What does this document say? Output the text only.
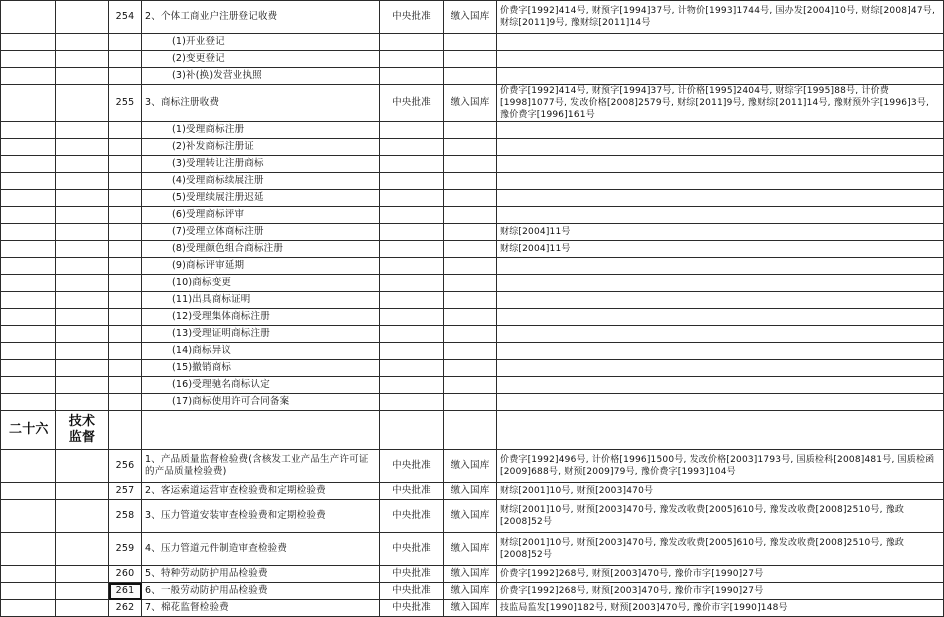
		254	2、个体工商业户注册登记收费	中央批准	缴入国库	价费字[1992]414号, 财预字[1994]37号, 计物价[1993]1744号, 国办发[2004]10号, 财综[2008]47号, 财综[2011]9号, 豫财综[2011]14号
			(1)开业登记			
			(2)变更登记			
			(3)补(换)发营业执照			
		255	3、商标注册收费	中央批准	缴入国库	价费字[1992]414号, 财预字[1994]37号, 计价格[1995]2404号, 财综字[1995]88号, 计价费[1998]1077号, 发改价格[2008]2579号, 财综[2011]9号, 豫财综[2011]14号, 豫财预外字[1996]3号, 豫价费字[1996]161号
			(1)受理商标注册			
			(2)补发商标注册证			
			(3)受理转让注册商标			
			(4)受理商标续展注册			
			(5)受理续展注册迟延			
			(6)受理商标评审			
			(7)受理立体商标注册			财综[2004]11号
			(8)受理颜色组合商标注册			财综[2004]11号
			(9)商标评审延期			
			(10)商标变更			
			(11)出具商标证明			
			(12)受理集体商标注册			
			(13)受理证明商标注册			
			(14)商标异议			
			(15)撤销商标			
			(16)受理驰名商标认定			
			(17)商标使用许可合同备案			
二十六	技术监督					
		256	1、产品质量监督检验费(含核发工业产品生产许可证的产品质量检验费)	中央批准	缴入国库	价费字[1992]496号, 计价格[1996]1500号, 发改价格[2003]1793号, 国质检科[2008]481号, 国质检函[2009]688号, 财预[2009]79号, 豫价费字[1993]104号
		257	2、客运索道运营审查检验费和定期检验费	中央批准	缴入国库	财综[2001]10号, 财预[2003]470号
		258	3、压力管道安装审查检验费和定期检验费	中央批准	缴入国库	财综[2001]10号, 财预[2003]470号, 豫发改收费[2005]610号, 豫发改收费[2008]2510号, 豫政[2008]52号
		259	4、压力管道元件制造审查检验费	中央批准	缴入国库	财综[2001]10号, 财预[2003]470号, 豫发改收费[2005]610号, 豫发改收费[2008]2510号, 豫政[2008]52号
		260	5、特种劳动防护用品检验费	中央批准	缴入国库	价费字[1992]268号, 财预[2003]470号, 豫价市字[1990]27号
		261	6、一般劳动防护用品检验费	中央批准	缴入国库	价费字[1992]268号, 财预[2003]470号, 豫价市字[1990]27号
		262	7、棉花监督检验费	中央批准	缴入国库	技监局监发[1990]182号, 财预[2003]470号, 豫价市字[1990]148号
